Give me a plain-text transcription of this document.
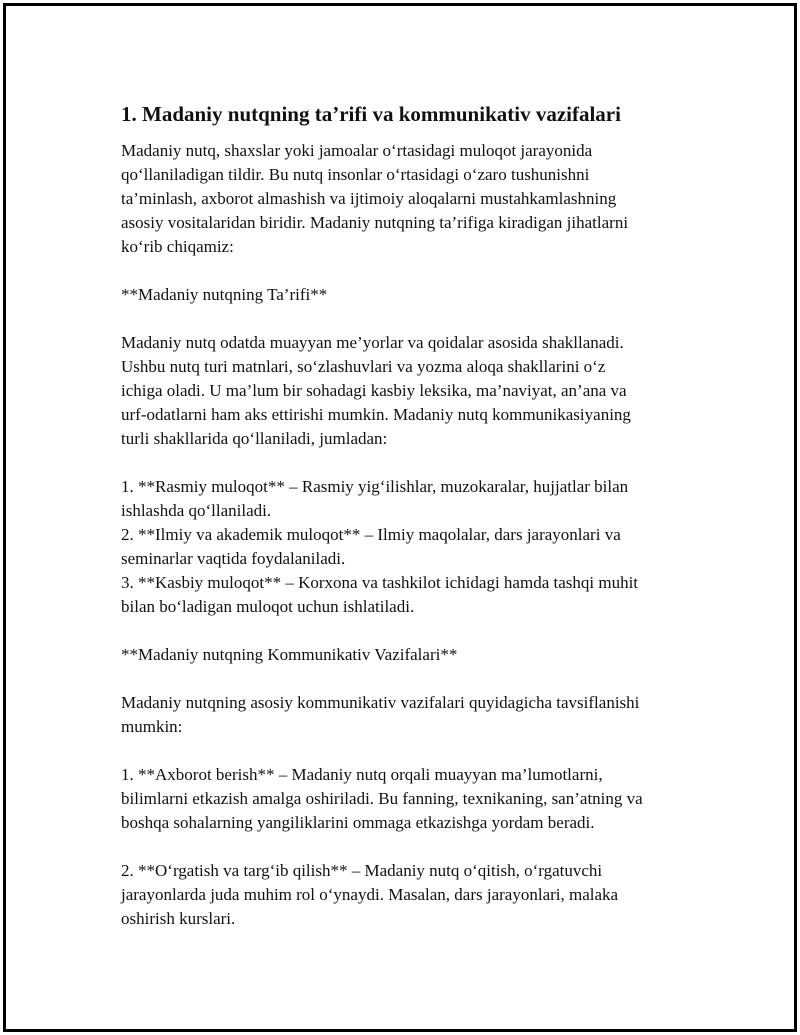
1. Madaniy nutqning ta’rifi va kommunikativ vazifalari
Madaniy nutq, shaxslar yoki jamoalar o‘rtasidagi muloqot jarayonida
qo‘llaniladigan tildir. Bu nutq insonlar o‘rtasidagi o‘zaro tushunishni
ta’minlash, axborot almashish va ijtimoiy aloqalarni mustahkamlashning
asosiy vositalaridan biridir. Madaniy nutqning ta’rifiga kiradigan jihatlarni
ko‘rib chiqamiz:
**Madaniy nutqning Ta’rifi**
Madaniy nutq odatda muayyan me’yorlar va qoidalar asosida shakllanadi.
Ushbu nutq turi matnlari, so‘zlashuvlari va yozma aloqa shakllarini o‘z
ichiga oladi. U ma’lum bir sohadagi kasbiy leksika, ma’naviyat, an’ana va
urf-odatlarni ham aks ettirishi mumkin. Madaniy nutq kommunikasiyaning
turli shakllarida qo‘llaniladi, jumladan:
1. **Rasmiy muloqot** – Rasmiy yig‘ilishlar, muzokaralar, hujjatlar bilan
ishlashda qo‘llaniladi.
2. **Ilmiy va akademik muloqot** – Ilmiy maqolalar, dars jarayonlari va
seminarlar vaqtida foydalaniladi.
3. **Kasbiy muloqot** – Korxona va tashkilot ichidagi hamda tashqi muhit
bilan bo‘ladigan muloqot uchun ishlatiladi.
**Madaniy nutqning Kommunikativ Vazifalari**
Madaniy nutqning asosiy kommunikativ vazifalari quyidagicha tavsiflanishi
mumkin:
1. **Axborot berish** – Madaniy nutq orqali muayyan ma’lumotlarni,
bilimlarni etkazish amalga oshiriladi. Bu fanning, texnikaning, san’atning va
boshqa sohalarning yangiliklarini ommaga etkazishga yordam beradi.
2. **O‘rgatish va targ‘ib qilish** – Madaniy nutq o‘qitish, o‘rgatuvchi
jarayonlarda juda muhim rol o‘ynaydi. Masalan, dars jarayonlari, malaka
oshirish kurslari.
